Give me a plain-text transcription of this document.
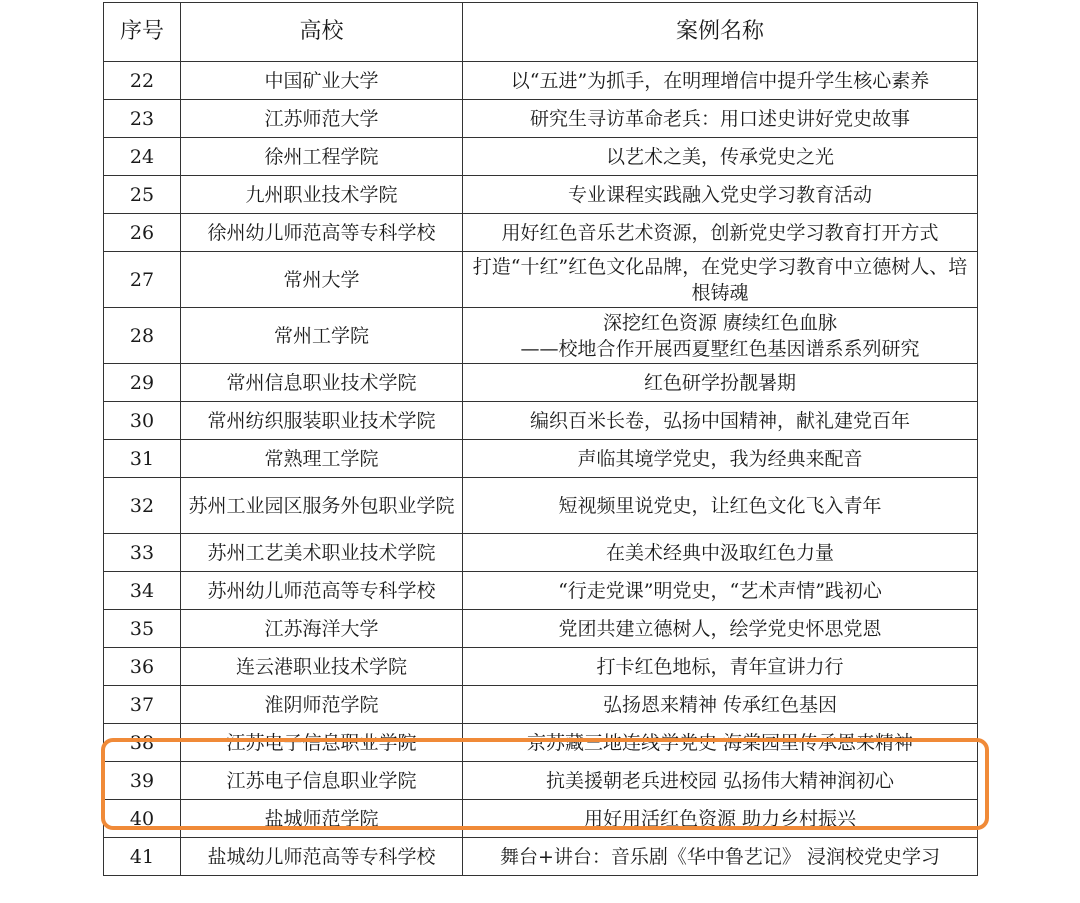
序号	高校	案例名称
22	中国矿业大学	以“五进”为抓手，在明理增信中提升学生核心素养
23	江苏师范大学	研究生寻访革命老兵：用口述史讲好党史故事
24	徐州工程学院	以艺术之美，传承党史之光
25	九州职业技术学院	专业课程实践融入党史学习教育活动
26	徐州幼儿师范高等专科学校	用好红色音乐艺术资源，创新党史学习教育打开方式
27	常州大学	打造“十红”红色文化品牌，在党史学习教育中立德树人、培根铸魂
28	常州工学院	深挖红色资源 赓续红色血脉
——校地合作开展西夏墅红色基因谱系系列研究
29	常州信息职业技术学院	红色研学扮靓暑期
30	常州纺织服装职业技术学院	编织百米长卷，弘扬中国精神，献礼建党百年
31	常熟理工学院	声临其境学党史，我为经典来配音
32	苏州工业园区服务外包职业学院	短视频里说党史，让红色文化飞入青年
33	苏州工艺美术职业技术学院	在美术经典中汲取红色力量
34	苏州幼儿师范高等专科学校	“行走党课”明党史，“艺术声情”践初心
35	江苏海洋大学	党团共建立德树人，绘学党史怀思党恩
36	连云港职业技术学院	打卡红色地标，青年宣讲力行
37	淮阴师范学院	弘扬恩来精神 传承红色基因
38	江苏电子信息职业学院	京苏藏三地连线学党史 海棠园里传承恩来精神
39	江苏电子信息职业学院	抗美援朝老兵进校园 弘扬伟大精神润初心
40	盐城师范学院	用好用活红色资源 助力乡村振兴
41	盐城幼儿师范高等专科学校	舞台+讲台：音乐剧《华中鲁艺记》 浸润校党史学习
